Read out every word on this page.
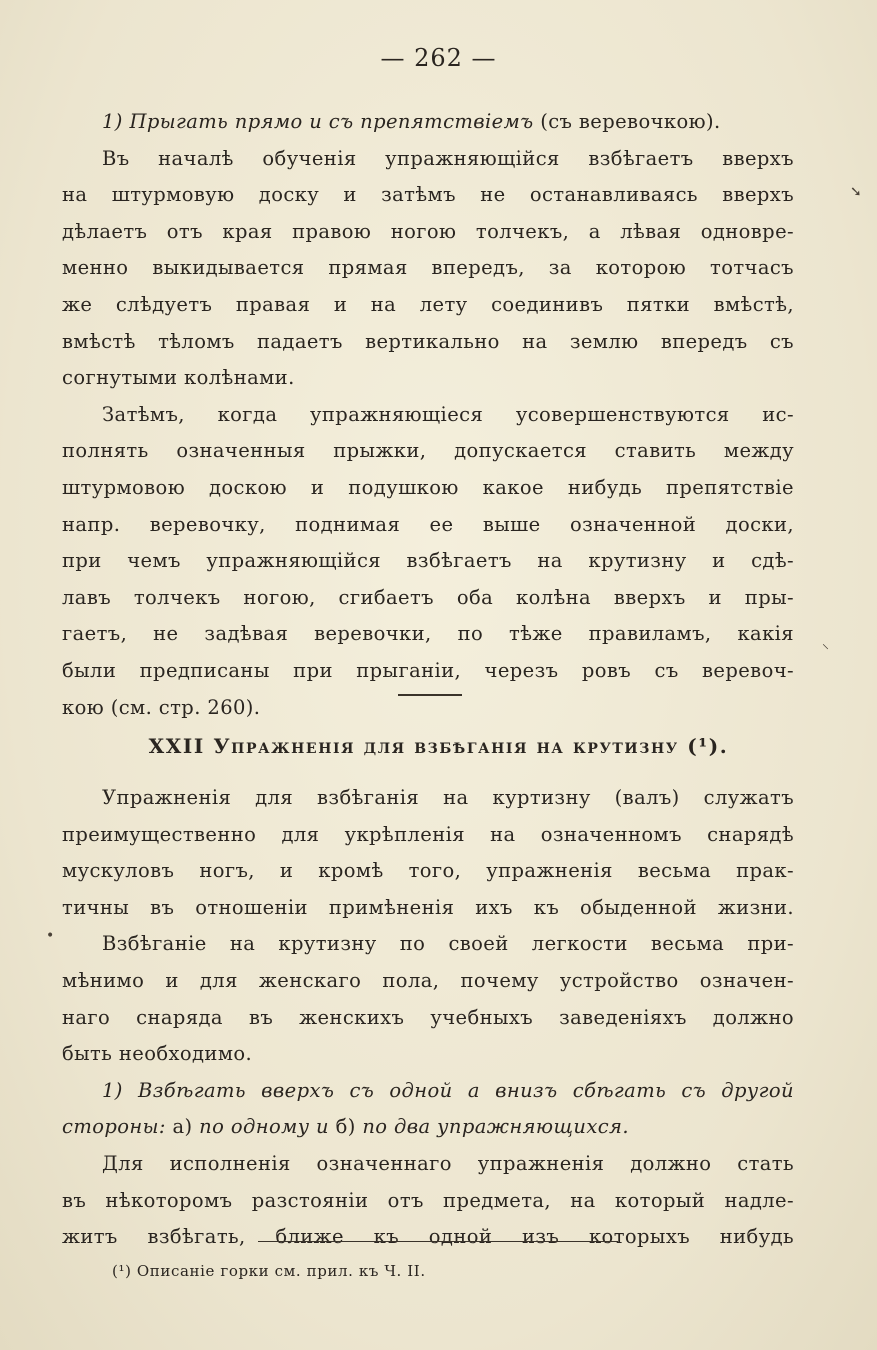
— 262 —
1) Прыгать прямо и съ препятствіемъ (съ веревочкою).
Въ началѣ обученія упражняющійся взбѣгаетъ вверхъ
на штурмовую доску и затѣмъ не останавливаясь вверхъ
дѣлаетъ отъ края правою ногою толчекъ, а лѣвая одновре-
менно выкидывается прямая впередъ, за которою тотчасъ
же слѣдуетъ правая и на лету соединивъ пятки вмѣстѣ,
вмѣстѣ тѣломъ падаетъ вертикально на землю впередъ съ
согнутыми колѣнами.
Затѣмъ, когда упражняющіеся усовершенствуются ис-
полнять означенныя прыжки, допускается ставить между
штурмовою доскою и подушкою какое нибудь препятствіе
напр. веревочку, поднимая ее выше означенной доски,
при чемъ упражняющійся взбѣгаетъ на крутизну и сдѣ-
лавъ толчекъ ногою, сгибаетъ оба колѣна вверхъ и пры-
гаетъ, не задѣвая веревочки, по тѣже правиламъ, какія
были предписаны при прыганіи, черезъ ровъ съ веревоч-
кою (см. стр. 260).
XXII Упражненія для взбѣганія на крутизну (¹).
Упражненія для взбѣганія на куртизну (валъ) служатъ
преимущественно для укрѣпленія на означенномъ снарядѣ
мускуловъ ногъ, и кромѣ того, упражненія весьма прак-
тичны въ отношеніи примѣненія ихъ къ обыденной жизни.
Взбѣганіе на крутизну по своей легкости весьма при-
мѣнимо и для женскаго пола, почему устройство означен-
наго снаряда въ женскихъ учебныхъ заведеніяхъ должно
быть необходимо.
1) Взбѣгать вверхъ съ одной а внизъ сбѣгать съ другой
стороны: а) по одному и б) по два упражняющихся.
Для исполненія означеннаго упражненія должно стать
въ нѣкоторомъ разстояніи отъ предмета, на который надле-
житъ взбѣгать, ближе къ одной изъ которыхъ нибудь
(¹) Описаніе горки см. прил. къ Ч. II.
➘
⸌
•
